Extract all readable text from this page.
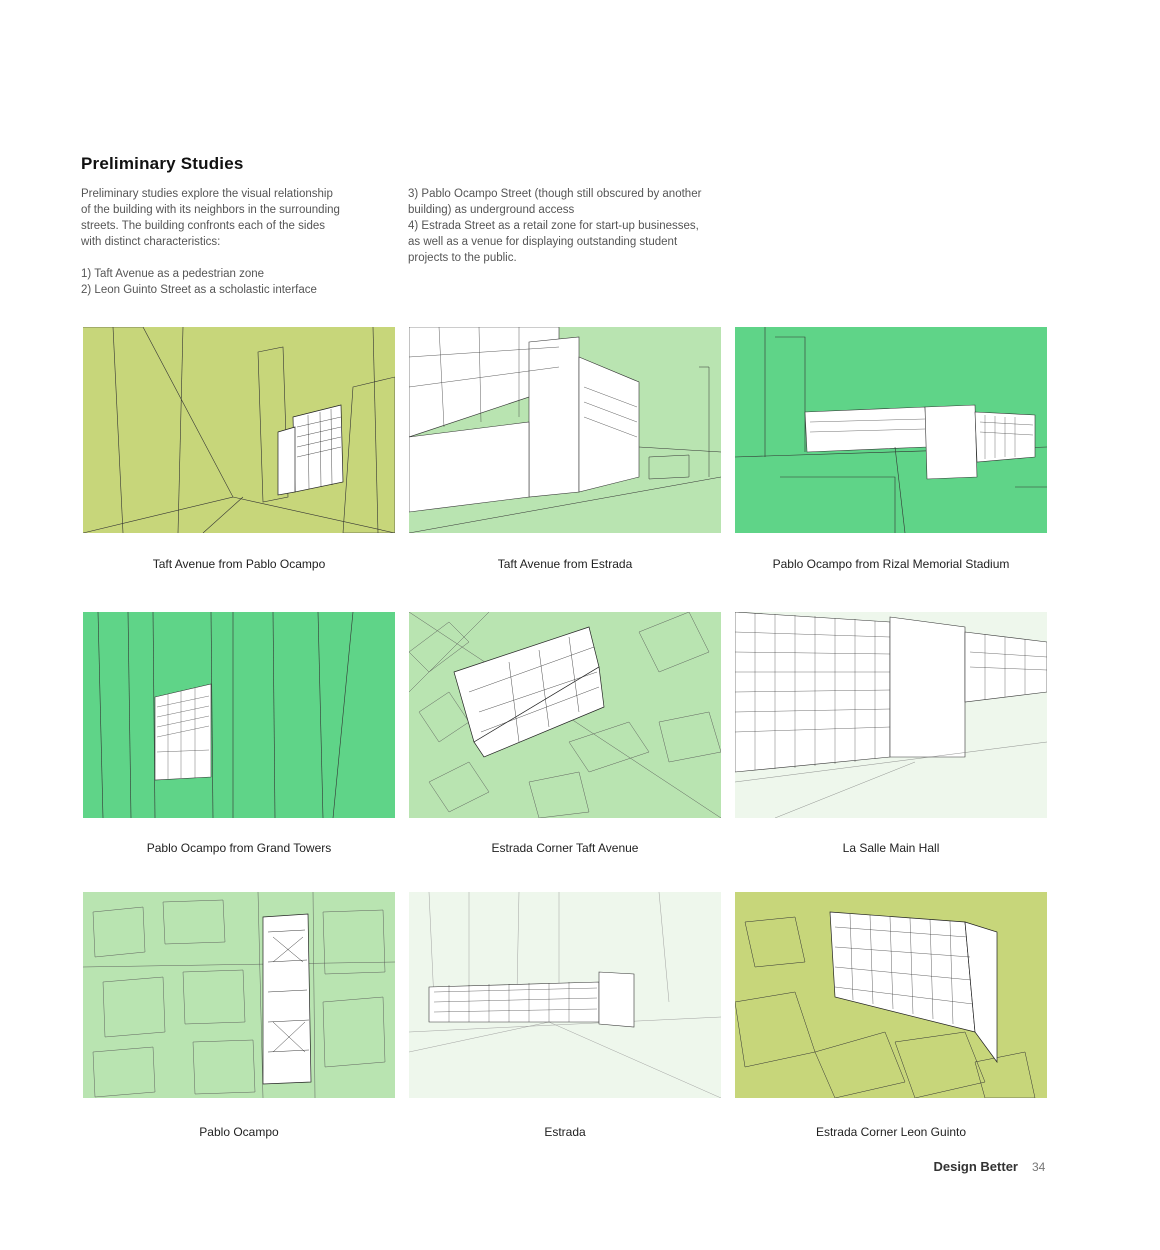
Preliminary Studies
Preliminary studies explore the visual relationship
of the building with its neighbors in the surrounding
streets. The building confronts each of the sides
with distinct characteristics:

1) Taft Avenue as a pedestrian zone
2) Leon Guinto Street as a scholastic interface
3) Pablo Ocampo Street (though still obscured by another
building) as underground access
4) Estrada Street as a retail zone for start-up businesses,
as well as a venue for displaying outstanding student
projects to the public.
Taft Avenue from Pablo Ocampo	Taft Avenue from Estrada	Pablo Ocampo from Rizal Memorial Stadium
Pablo Ocampo from Grand Towers	Estrada Corner Taft Avenue	La Salle Main Hall
Pablo Ocampo	Estrada	Estrada Corner Leon Guinto
Design Better 34
